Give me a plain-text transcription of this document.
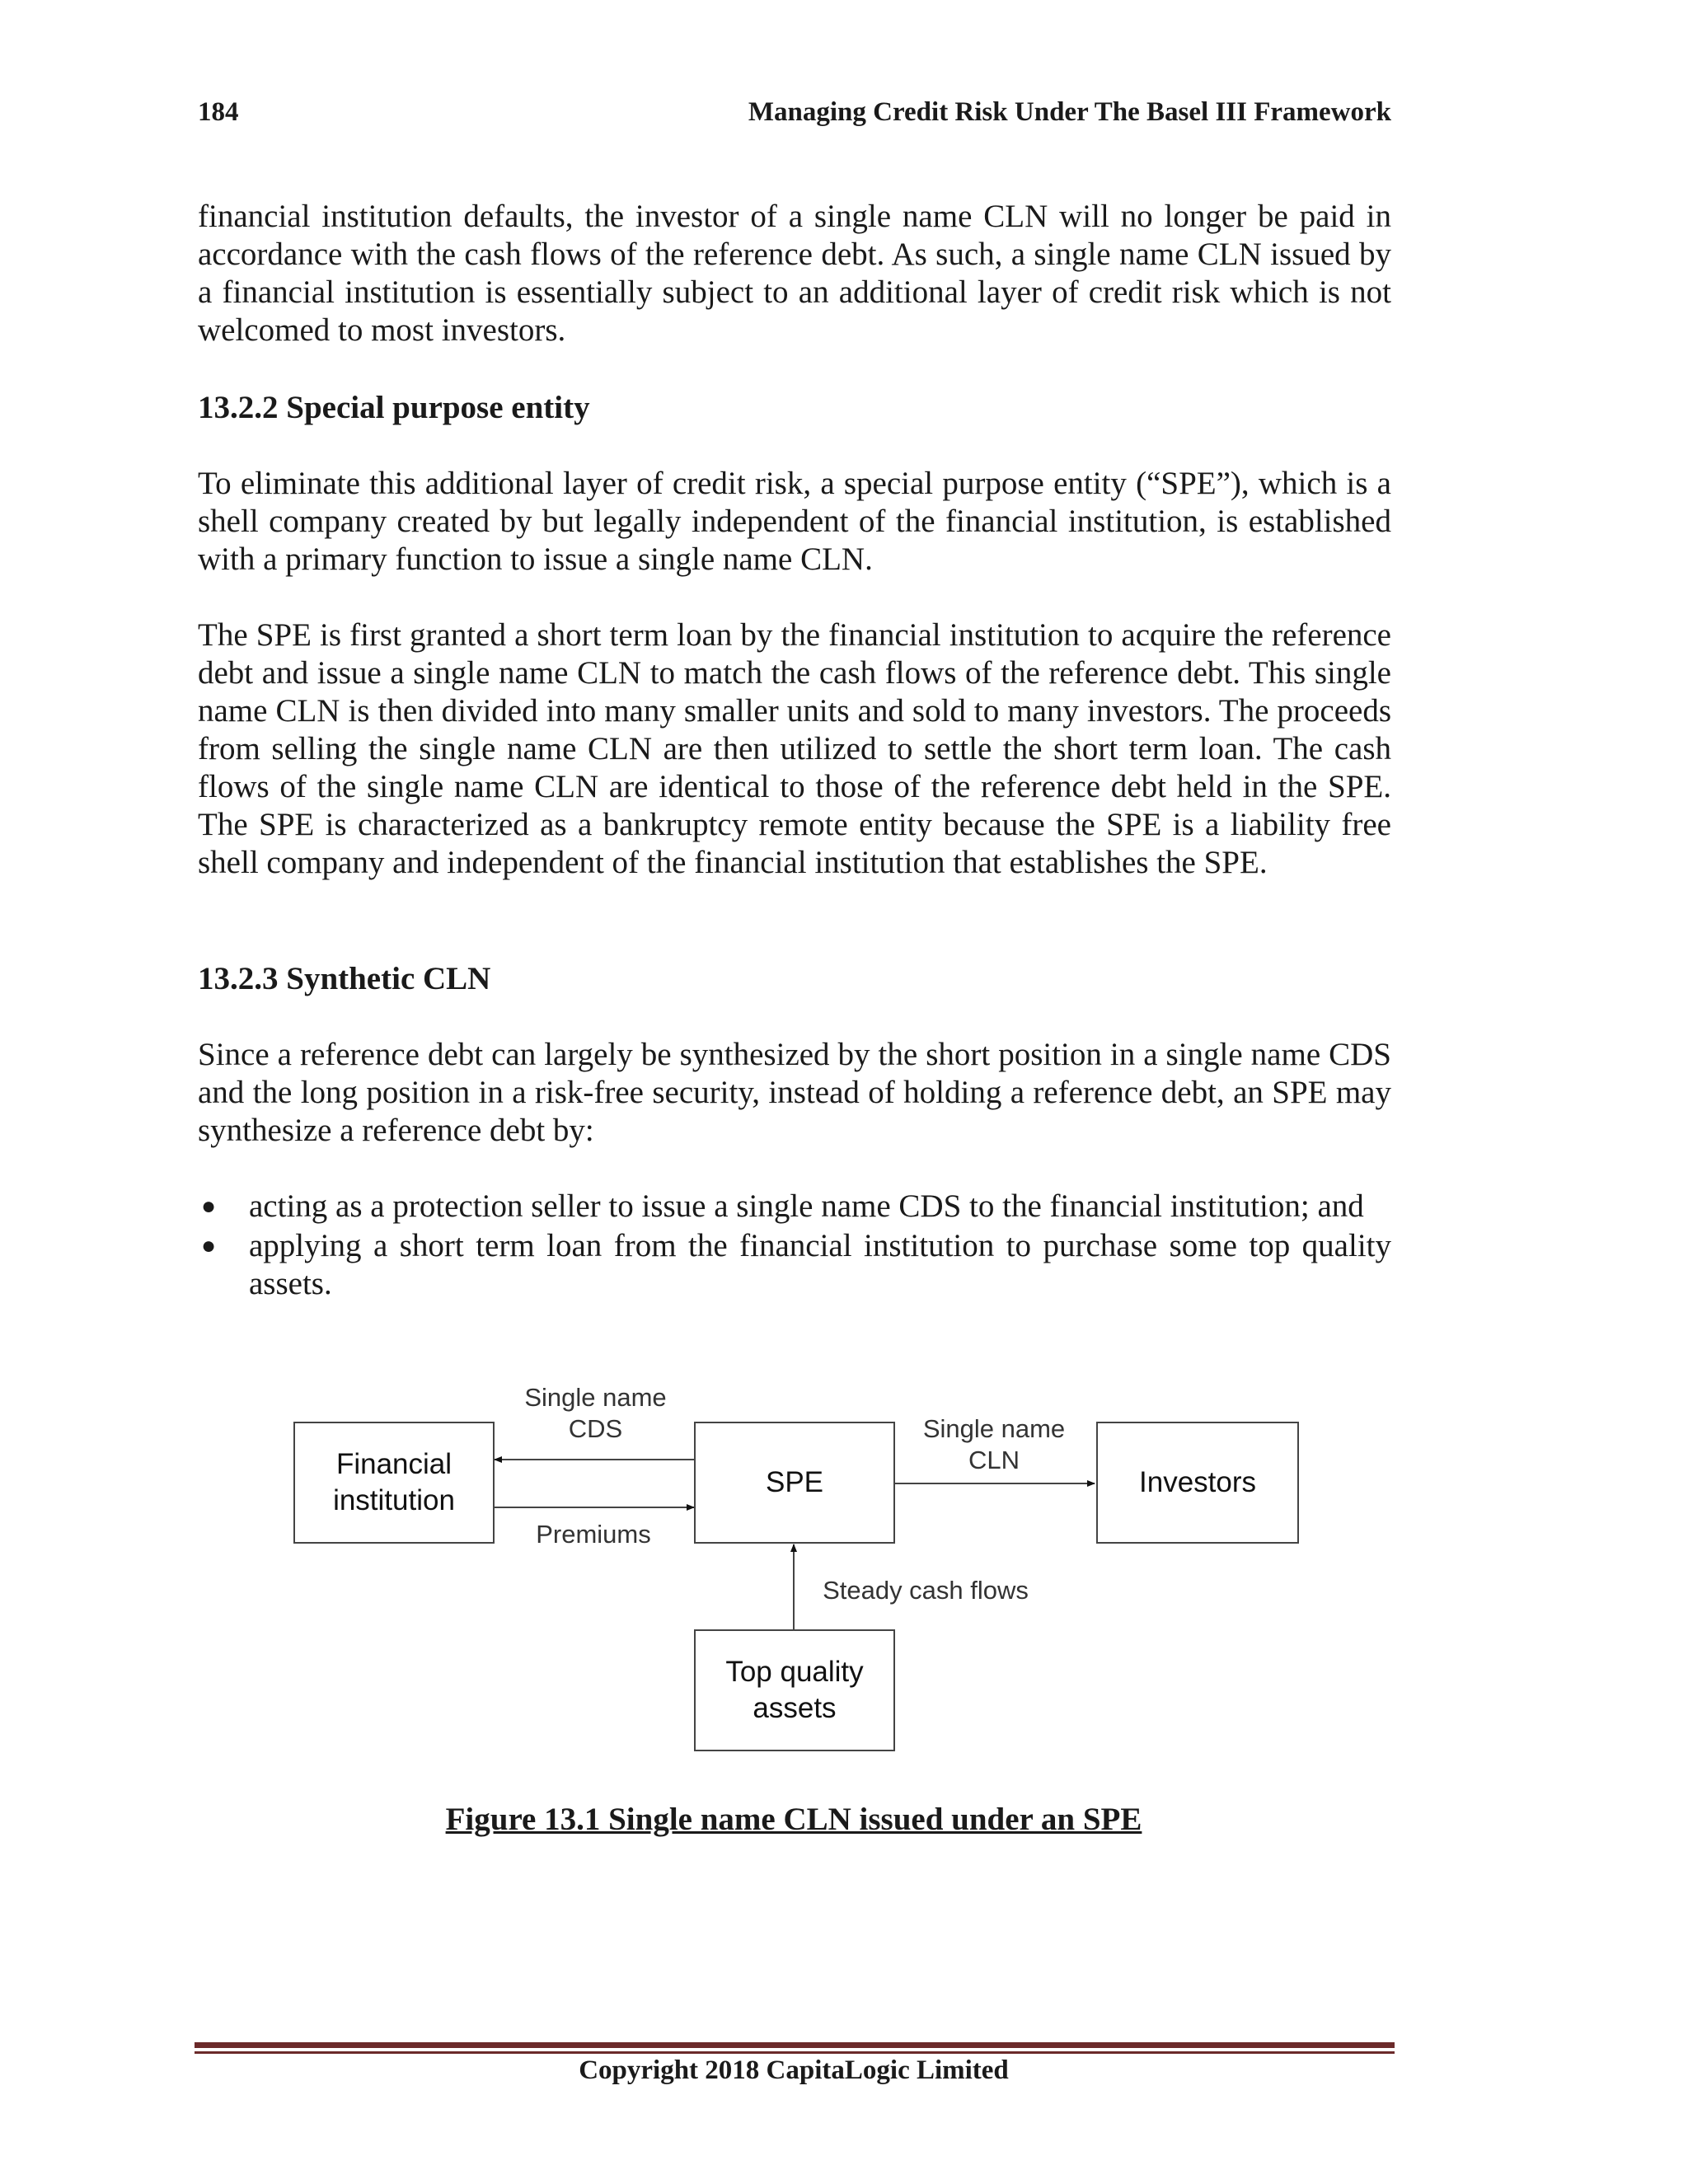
184	Managing Credit Risk Under The Basel III Framework

financial institution defaults, the investor of a single name CLN will no longer be paid in accordance with the cash flows of the reference debt. As such, a single name CLN issued by a financial institution is essentially subject to an additional layer of credit risk which is not welcomed to most investors.

13.2.2 Special purpose entity

To eliminate this additional layer of credit risk, a special purpose entity (“SPE”), which is a shell company created by but legally independent of the financial institution, is established with a primary function to issue a single name CLN.

The SPE is first granted a short term loan by the financial institution to acquire the reference debt and issue a single name CLN to match the cash flows of the reference debt. This single name CLN is then divided into many smaller units and sold to many investors. The proceeds from selling the single name CLN are then utilized to settle the short term loan. The cash flows of the single name CLN are identical to those of the reference debt held in the SPE. The SPE is characterized as a bankruptcy remote entity because the SPE is a liability free shell company and independent of the financial institution that establishes the SPE.

13.2.3 Synthetic CLN

Since a reference debt can largely be synthesized by the short position in a single name CDS and the long position in a risk-free security, instead of holding a reference debt, an SPE may synthesize a reference debt by:

● acting as a protection seller to issue a single name CDS to the financial institution; and
● applying a short term loan from the financial institution to purchase some top quality assets.
Financial
institution
SPE	Investors
Top quality
assets
Single name
CDS
Premiums
Single name
CLN
Steady cash flows
Figure 13.1 Single name CLN issued under an SPE
Copyright 2018 CapitaLogic Limited
